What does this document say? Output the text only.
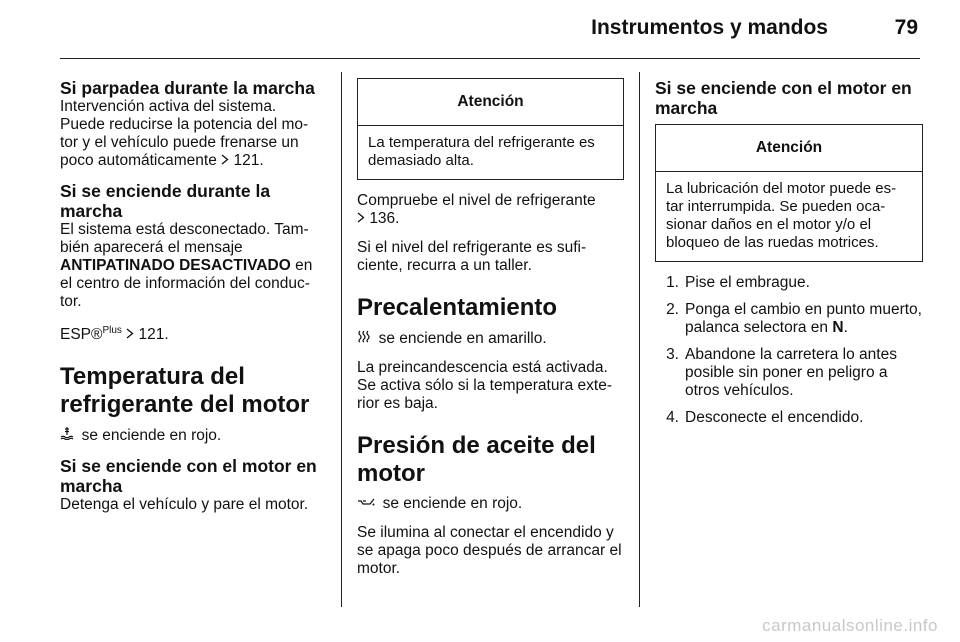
Instrumentos y mandos	79
Si parpadea durante la marcha

Intervención activa del sistema. Puede reducirse la potencia del mo-tor y el vehículo puede frenarse un poco automáticamente 121.

Si se enciende durante la marcha

El sistema está desconectado. Tam-bién aparecerá el mensaje ANTIPATINADO DESACTIVADO en el centro de información del conduc-tor.

ESP®$^{Plus}$ 121.

Temperatura del refrigerante del motor

se enciende en rojo.

Si se enciende con el motor en marcha

Detenga el vehículo y pare el motor.

Atención
La temperatura del refrigerante es demasiado alta.

Compruebe el nivel de refrigerante
136.

Si el nivel del refrigerante es sufi-ciente, recurra a un taller.

Precalentamiento

se enciende en amarillo.

La preincandescencia está activada. Se activa sólo si la temperatura exte-rior es baja.

Presión de aceite del motor

se enciende en rojo.

Se ilumina al conectar el encendido y se apaga poco después de arrancar el motor.

Si se enciende con el motor en marcha
Atención
La lubricación del motor puede es-tar interrumpida. Se pueden oca-sionar daños en el motor y/o el bloqueo de las ruedas motrices.
1. Pise el embrague.
2. Ponga el cambio en punto muerto, palanca selectora en N.
3. Abandone la carretera lo antes posible sin poner en peligro a otros vehículos.
4. Desconecte el encendido.
carmanualsonline.info
